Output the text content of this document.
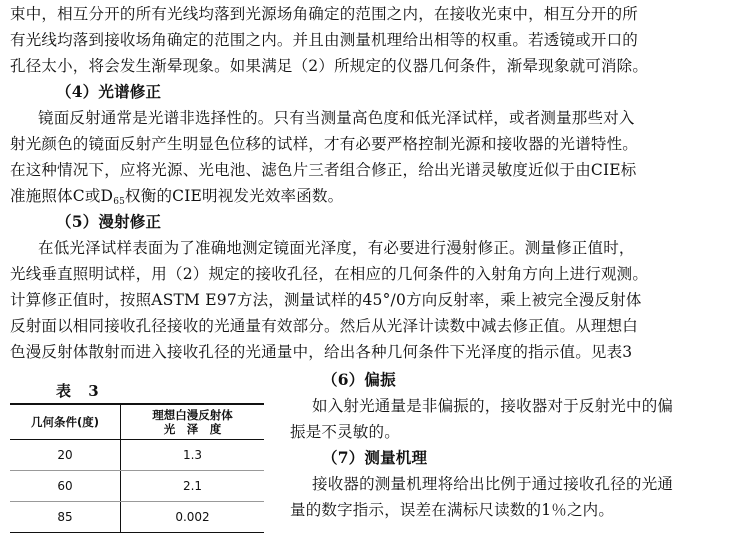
束中，相互分开的所有光线均落到光源场角确定的范围之内，在接收光束中，相互分开的所
有光线均落到接收场角确定的范围之内。并且由测量机理给出相等的权重。若透镜或开口的
孔径太小，将会发生渐晕现象。如果满足（2）所规定的仪器几何条件，渐晕现象就可消除。
（4）光谱修正
镜面反射通常是光谱非选择性的。只有当测量高色度和低光泽试样，或者测量那些对入
射光颜色的镜面反射产生明显色位移的试样，才有必要严格控制光源和接收器的光谱特性。
在这种情况下，应将光源、光电池、滤色片三者组合修正，给出光谱灵敏度近似于由CIE标
准施照体C或$D_{65}$权衡的CIE明视发光效率函数。
（5）漫射修正
在低光泽试样表面为了准确地测定镜面光泽度，有必要进行漫射修正。测量修正值时，
光线垂直照明试样，用（2）规定的接收孔径，在相应的几何条件的入射角方向上进行观测。
计算修正值时，按照ASTM E97方法，测量试样的45°/0方向反射率，乘上被完全漫反射体
反射面以相同接收孔径接收的光通量有效部分。然后从光泽计读数中减去修正值。从理想白
色漫反射体散射而进入接收孔径的光通量中，给出各种几何条件下光泽度的指示值。见表3
表 3
几何条件(度)	理想白漫反射体
光　泽　度

20	1.3
60	2.1
85	0.002
（6）偏振
如入射光通量是非偏振的，接收器对于反射光中的偏
振是不灵敏的。
（7）测量机理
接收器的测量机理将给出比例于通过接收孔径的光通
量的数字指示，误差在满标尺读数的1％之内。
